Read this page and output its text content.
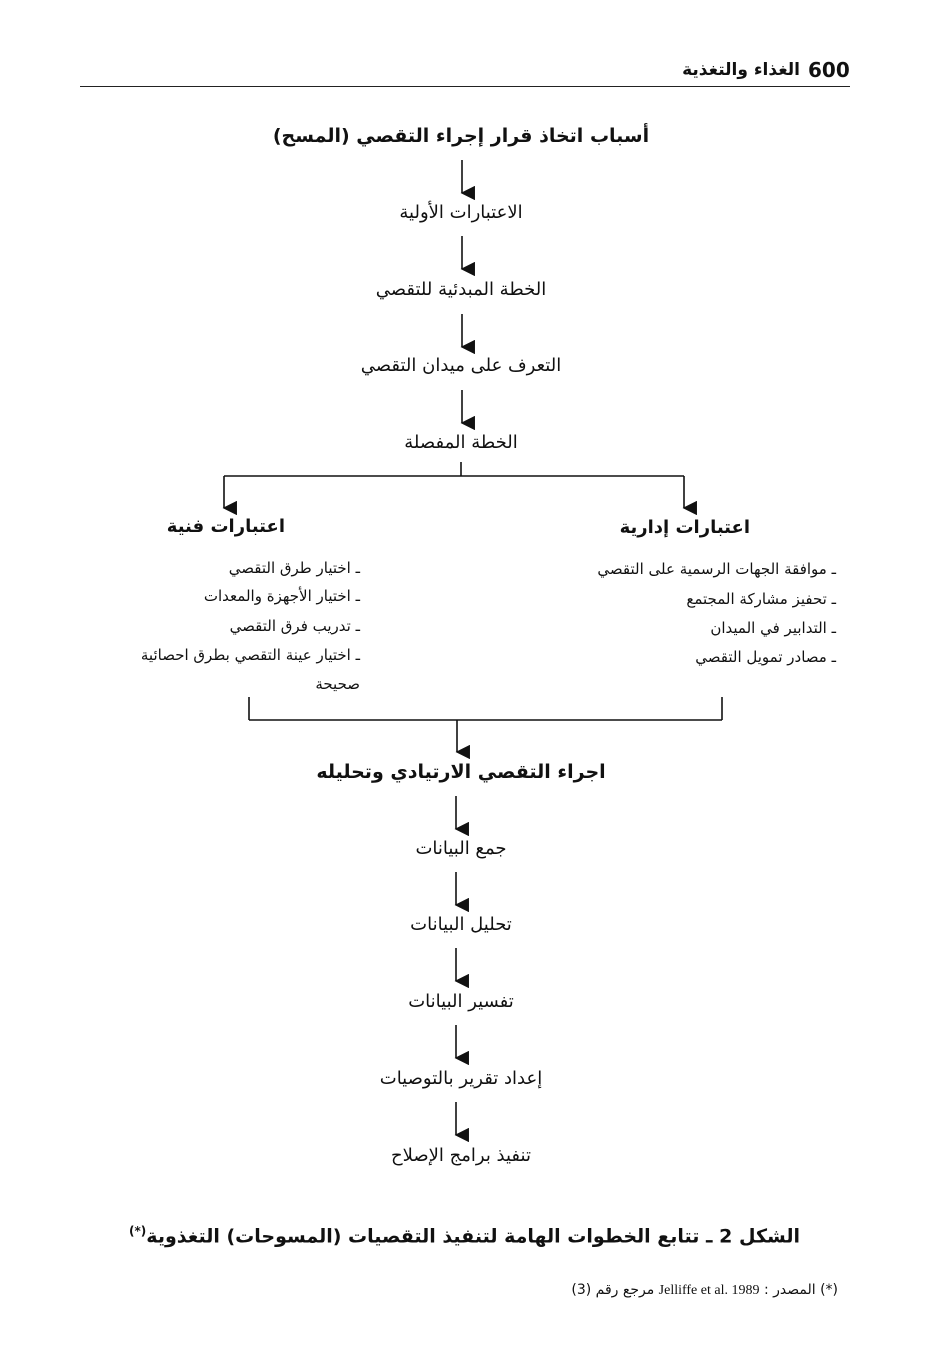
600
الغذاء والتغذية
أسباب اتخاذ قرار إجراء التقصي (المسح)
الاعتبارات الأولية
الخطة المبدئية للتقصي
التعرف على ميدان التقصي
الخطة المفصلة
اعتبارات إدارية
ـ موافقة الجهات الرسمية على التقصي
ـ تحفيز مشاركة المجتمع
ـ التدابير في الميدان
ـ مصادر تمويل التقصي
اعتبارات فنية
ـ اختيار طرق التقصي
ـ اختيار الأجهزة والمعدات
ـ تدريب فرق التقصي
ـ اختيار عينة التقصي بطرق احصائية
صحيحة
اجراء التقصي الارتيادي وتحليله
جمع البيانات
تحليل البيانات
تفسير البيانات
إعداد تقرير بالتوصيات
تنفيذ برامج الإصلاح
الشكل 2 ـ تتابع الخطوات الهامة لتنفيذ التقصيات (المسوحات) التغذوية(*)
(*) المصدر : Jelliffe et al. 1989 مرجع رقم (3)
